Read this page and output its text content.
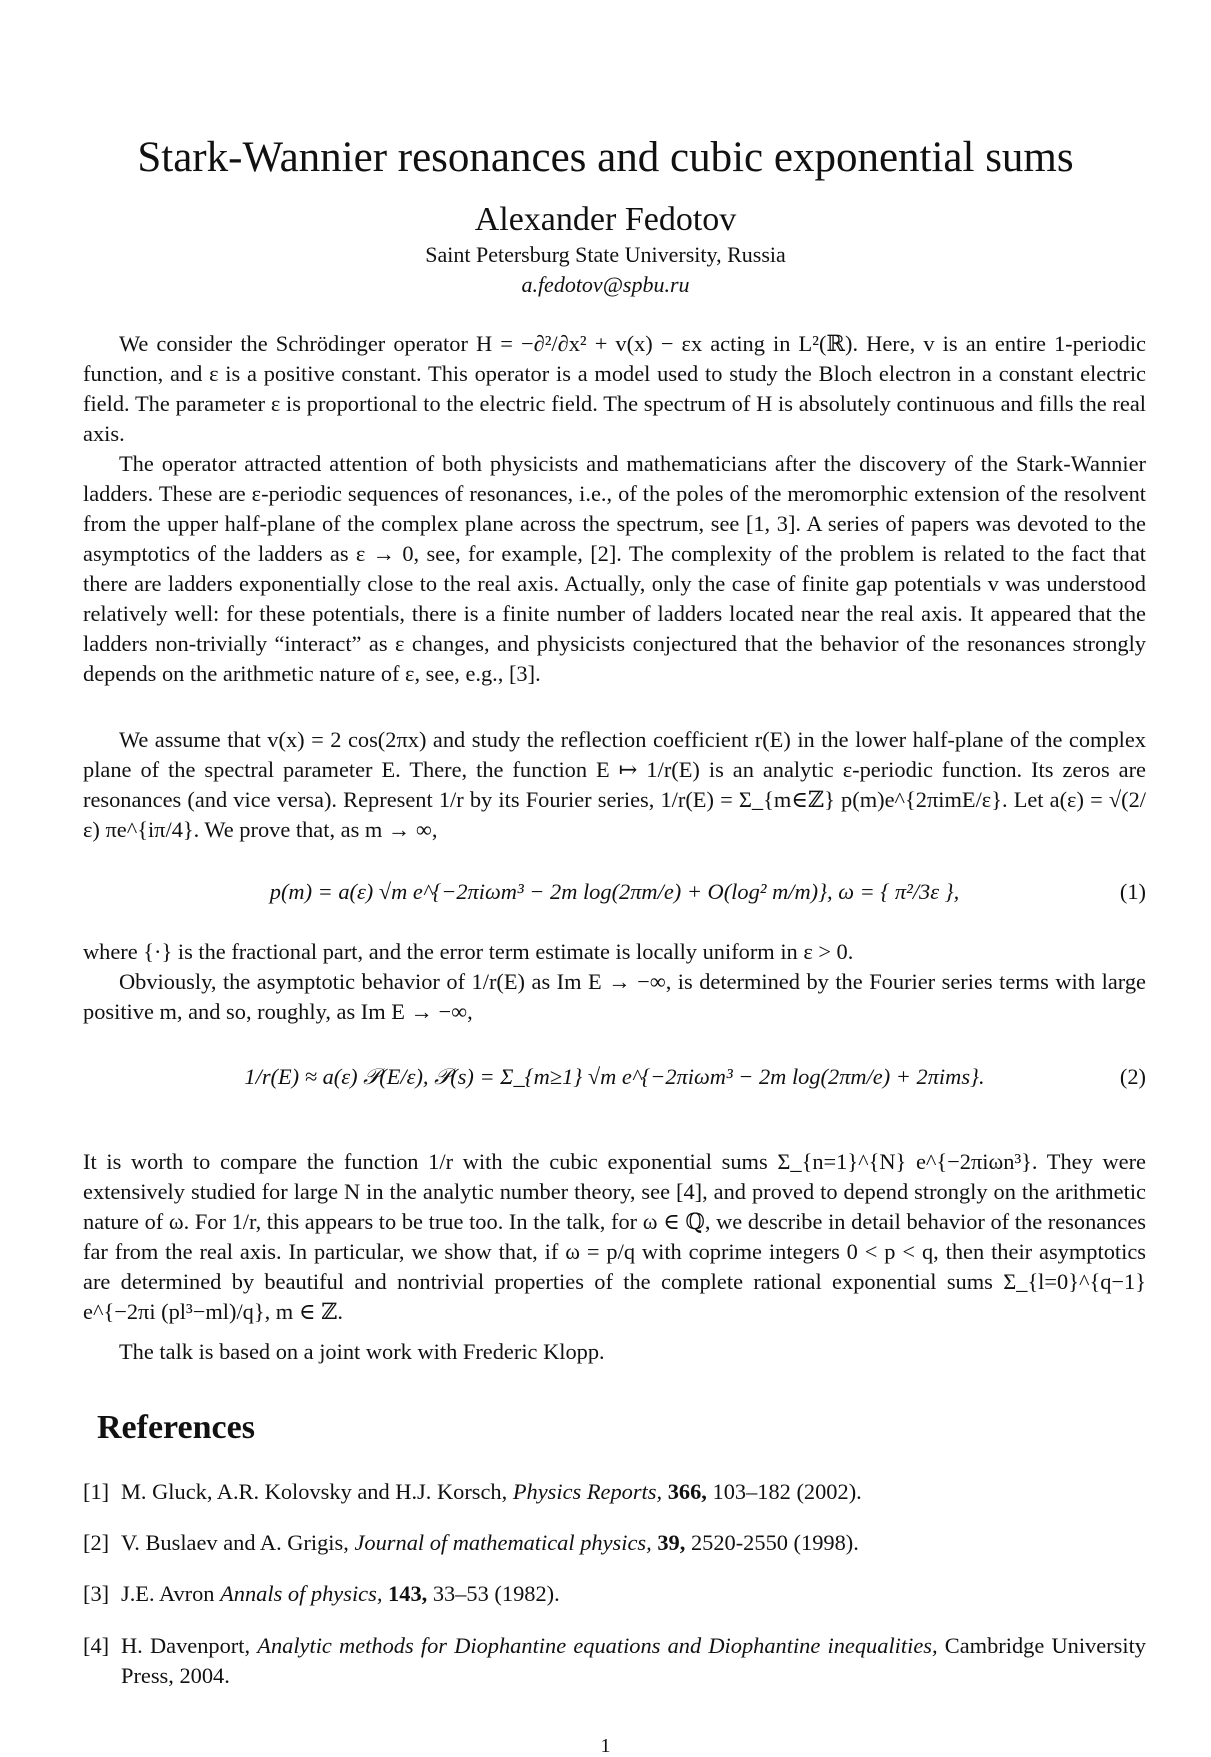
Stark-Wannier resonances and cubic exponential sums
Alexander Fedotov
Saint Petersburg State University, Russia
a.fedotov@spbu.ru

We consider the Schrödinger operator H = −∂²/∂x² + v(x) − εx acting in L²(ℝ). Here, v is an entire 1-periodic function, and ε is a positive constant. This operator is a model used to study the Bloch electron in a constant electric field. The parameter ε is proportional to the electric field. The spectrum of H is absolutely continuous and fills the real axis.

The operator attracted attention of both physicists and mathematicians after the discovery of the Stark-Wannier ladders. These are ε-periodic sequences of resonances, i.e., of the poles of the meromorphic extension of the resolvent from the upper half-plane of the complex plane across the spectrum, see [1, 3]. A series of papers was devoted to the asymptotics of the ladders as ε → 0, see, for example, [2]. The complexity of the problem is related to the fact that there are ladders exponentially close to the real axis. Actually, only the case of finite gap potentials v was understood relatively well: for these potentials, there is a finite number of ladders located near the real axis. It appeared that the ladders non-trivially “interact” as ε changes, and physicists conjectured that the behavior of the resonances strongly depends on the arithmetic nature of ε, see, e.g., [3].

We assume that v(x) = 2 cos(2πx) and study the reflection coefficient r(E) in the lower half-plane of the complex plane of the spectral parameter E. There, the function E ↦ 1/r(E) is an analytic ε-periodic function. Its zeros are resonances (and vice versa). Represent 1/r by its Fourier series, 1/r(E) = Σ_{m∈ℤ} p(m)e^{2πimE/ε}. Let a(ε) = √(2/ε) πe^{iπ/4}. We prove that, as m → ∞,

p(m) = a(ε) √m e^{−2πiωm³ − 2m log(2πm/e) + O(log² m/m)}, ω = { π²/3ε },	(1)

where {·} is the fractional part, and the error term estimate is locally uniform in ε > 0.

Obviously, the asymptotic behavior of 1/r(E) as Im E → −∞, is determined by the Fourier series terms with large positive m, and so, roughly, as Im E → −∞,

1/r(E) ≈ a(ε) 𝒫(E/ε), 𝒫(s) = Σ_{m≥1} √m e^{−2πiωm³ − 2m log(2πm/e) + 2πims}.	(2)

It is worth to compare the function 1/r with the cubic exponential sums Σ_{n=1}^{N} e^{−2πiωn³}. They were extensively studied for large N in the analytic number theory, see [4], and proved to depend strongly on the arithmetic nature of ω. For 1/r, this appears to be true too. In the talk, for ω ∈ ℚ, we describe in detail behavior of the resonances far from the real axis. In particular, we show that, if ω = p/q with coprime integers 0 < p < q, then their asymptotics are determined by beautiful and nontrivial properties of the complete rational exponential sums Σ_{l=0}^{q−1} e^{−2πi (pl³−ml)/q}, m ∈ ℤ.

The talk is based on a joint work with Frederic Klopp.

References
[1] M. Gluck, A.R. Kolovsky and H.J. Korsch, Physics Reports, 366, 103–182 (2002).
[2] V. Buslaev and A. Grigis, Journal of mathematical physics, 39, 2520-2550 (1998).
[3] J.E. Avron Annals of physics, 143, 33–53 (1982).
[4] H. Davenport, Analytic methods for Diophantine equations and Diophantine inequalities, Cambridge University Press, 2004.
1
